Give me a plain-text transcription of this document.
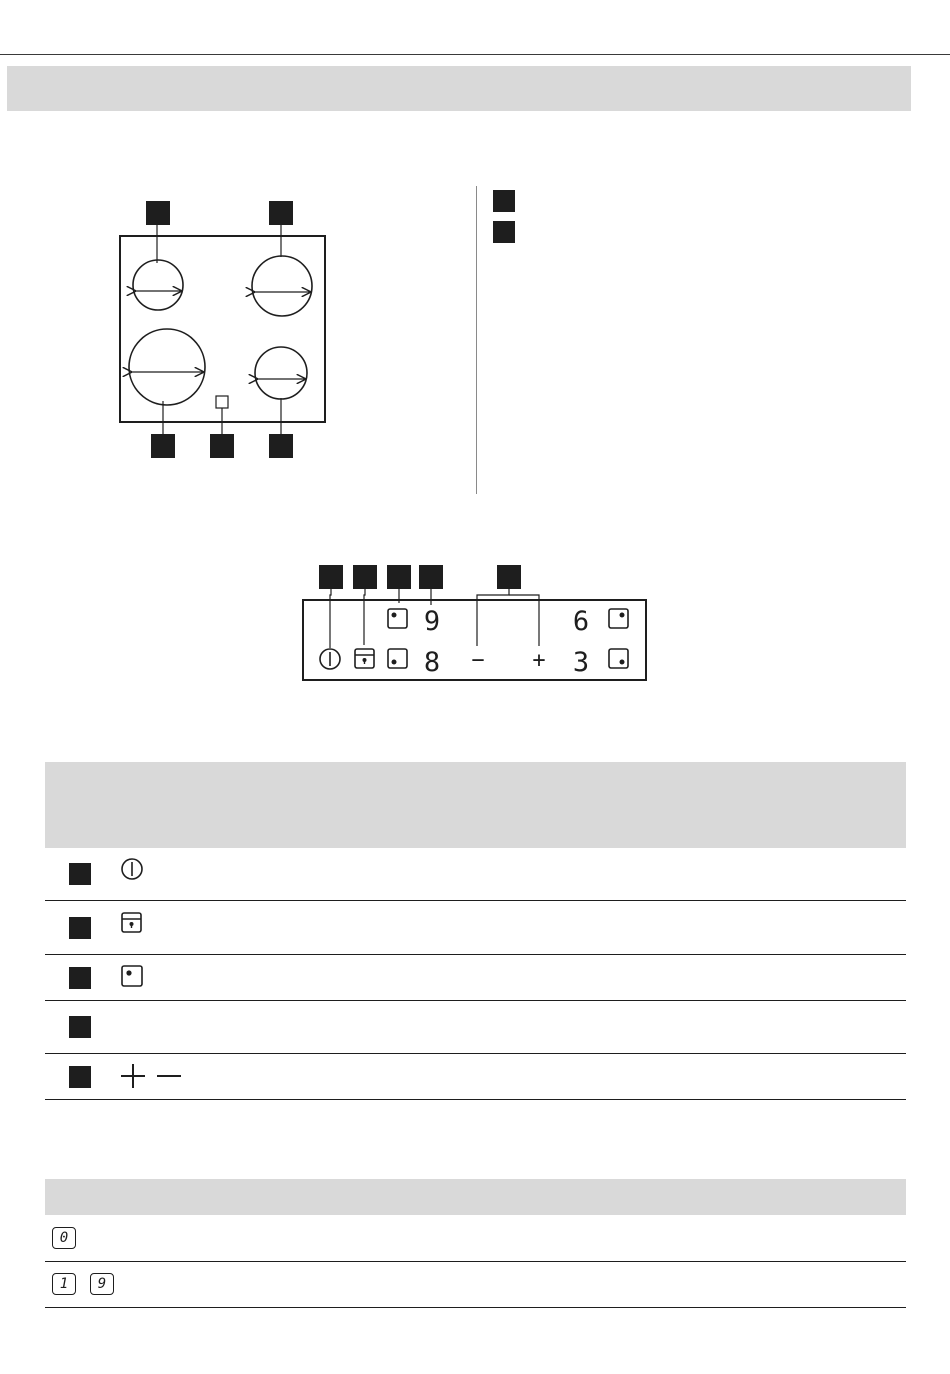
9
8
6
3
− +
0
1	9
